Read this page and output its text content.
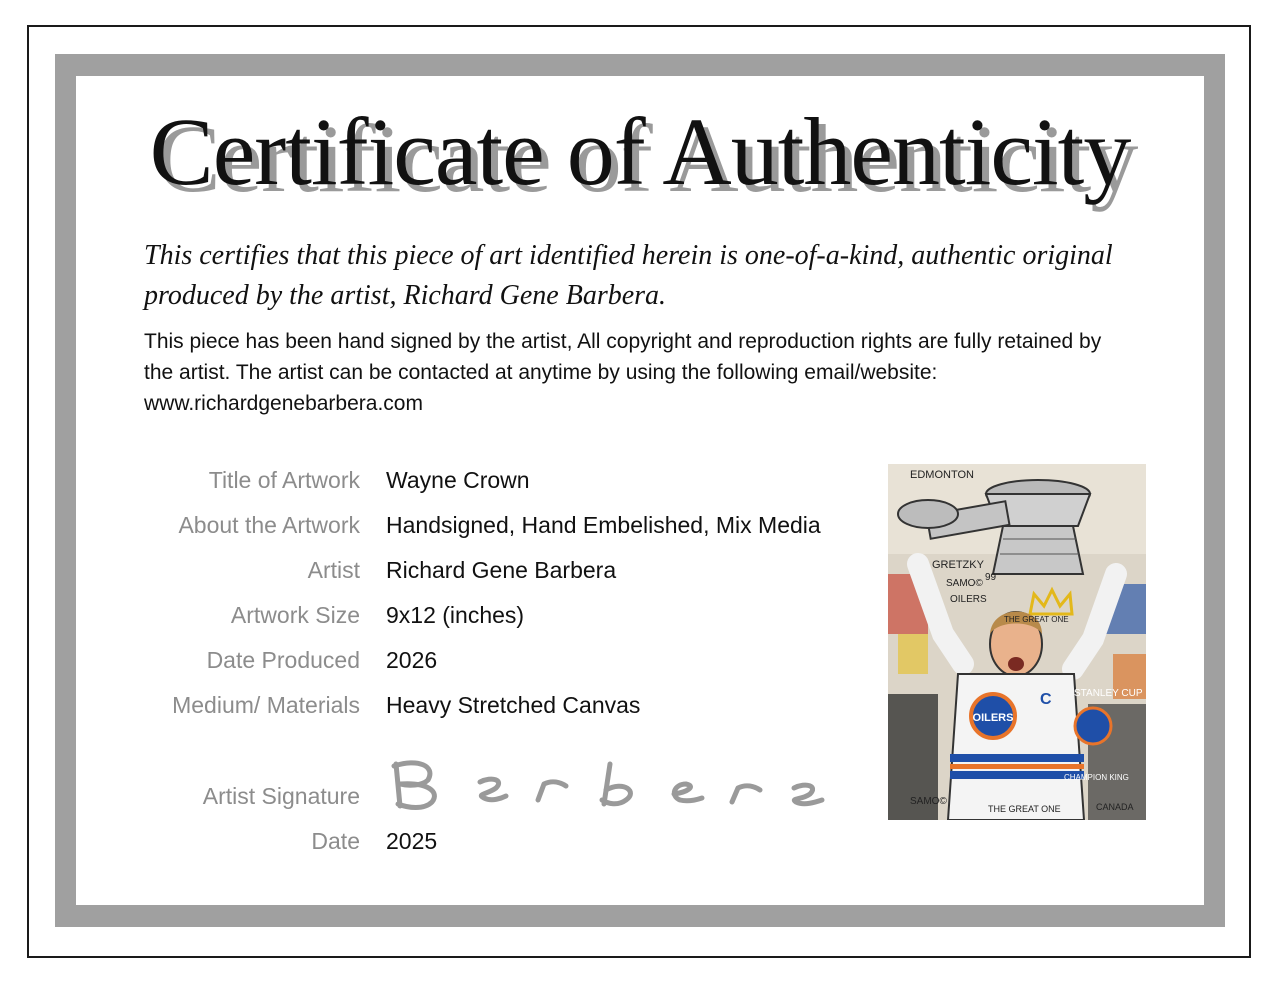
Certificate of Authenticity

This certifies that this piece of art identified herein is one-of-a-kind, authentic original produced by the artist, Richard Gene Barbera.

This piece has been hand signed by the artist, All copyright and reproduction rights are fully retained by the artist. The artist can be contacted at anytime by using the following email/website: www.richardgenebarbera.com

Title of Artwork Wayne Crown
About the Artwork Handsigned, Hand Embelished, Mix Media
Artist Richard Gene Barbera
Artwork Size 9x12 (inches)
Date Produced 2026
Medium/ Materials Heavy Stretched Canvas
Artist Signature
Date 2025
OILERS
C
EDMONTON
GRETZKY
99
SAMO©
OILERS
THE GREAT ONE
STANLEY CUP
CHAMPION KING
SAMO©
THE GREAT ONE	CANADA
